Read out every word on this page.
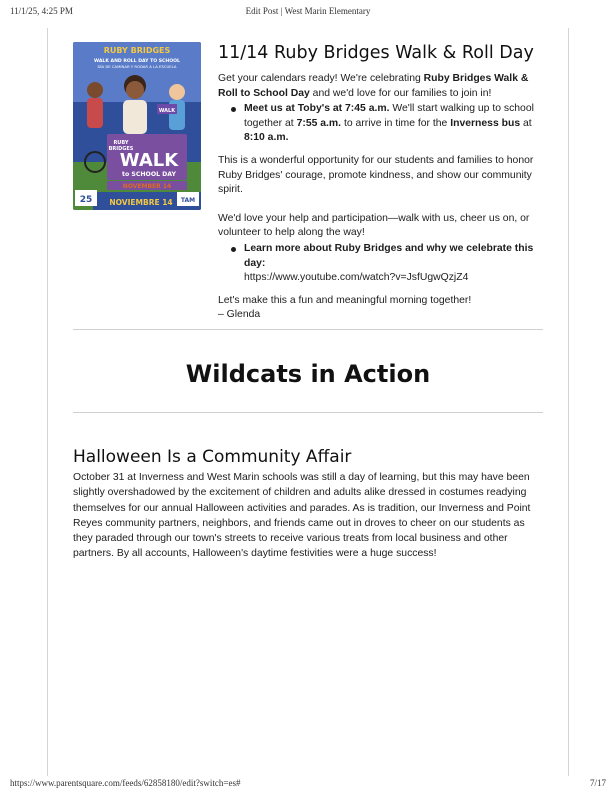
11/1/25, 4:25 PM	Edit Post | West Marin Elementary
RUBY BRIDGES
WALK AND ROLL DAY TO SCHOOL
DÍA DE CAMINAR Y RODAR A LA ESCUELA
WALK
RUBY
BRIDGES
WALK
to SCHOOL DAY
NOVEMBER 14
NOVIEMBRE 14
25	TAM
11/14 Ruby Bridges Walk & Roll Day

Get your calendars ready! We're celebrating Ruby Bridges Walk & Roll to School Day and we'd love for our families to join in!

Meet us at Toby's at 7:45 a.m. We'll start walking up to school together at 7:55 a.m. to arrive in time for the Inverness bus at 8:10 a.m.

This is a wonderful opportunity for our students and families to honor Ruby Bridges' courage, promote kindness, and show our community spirit.

We'd love your help and participation—walk with us, cheer us on, or volunteer to help along the way!

Learn more about Ruby Bridges and why we celebrate this day:
https://www.youtube.com/watch?v=JsfUgwQzjZ4

Let's make this a fun and meaningful morning together!

– Glenda

Wildcats in Action
Halloween Is a Community Affair

October 31 at Inverness and West Marin schools was still a day of learning, but this may have been slightly overshadowed by the excitement of children and adults alike dressed in costumes readying themselves for our annual Halloween activities and parades. As is tradition, our Inverness and Point Reyes community partners, neighbors, and friends came out in droves to cheer on our students as they paraded through our town's streets to receive various treats from local business and other partners. By all accounts, Halloween's daytime festivities were a huge success!

https://www.parentsquare.com/feeds/62858180/edit?switch=es#	7/17
